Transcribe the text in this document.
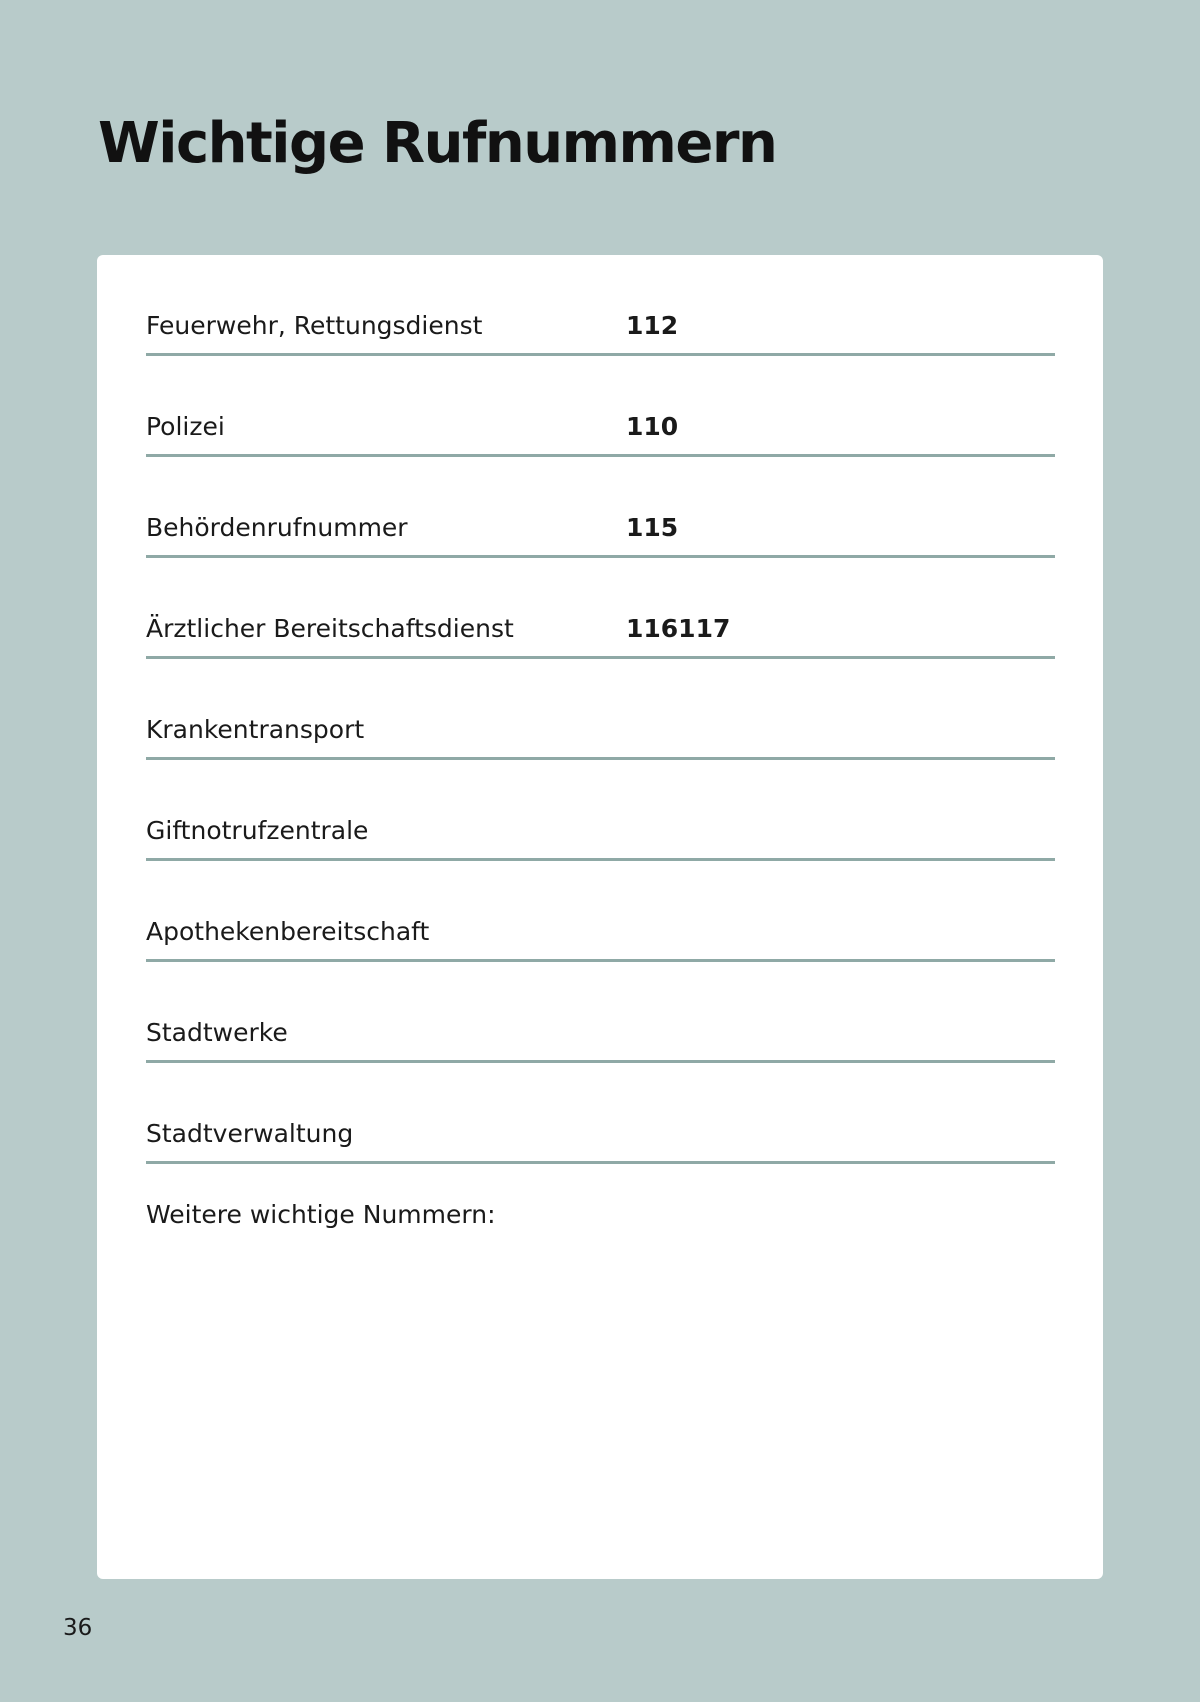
Wichtige Rufnummern
Feuerwehr, Rettungsdienst	112
Polizei	110
Behördenrufnummer	115
Ärztlicher Bereitschaftsdienst	116117
Krankentransport
Giftnotrufzentrale
Apothekenbereitschaft
Stadtwerke
Stadtverwaltung
Weitere wichtige Nummern:
36
